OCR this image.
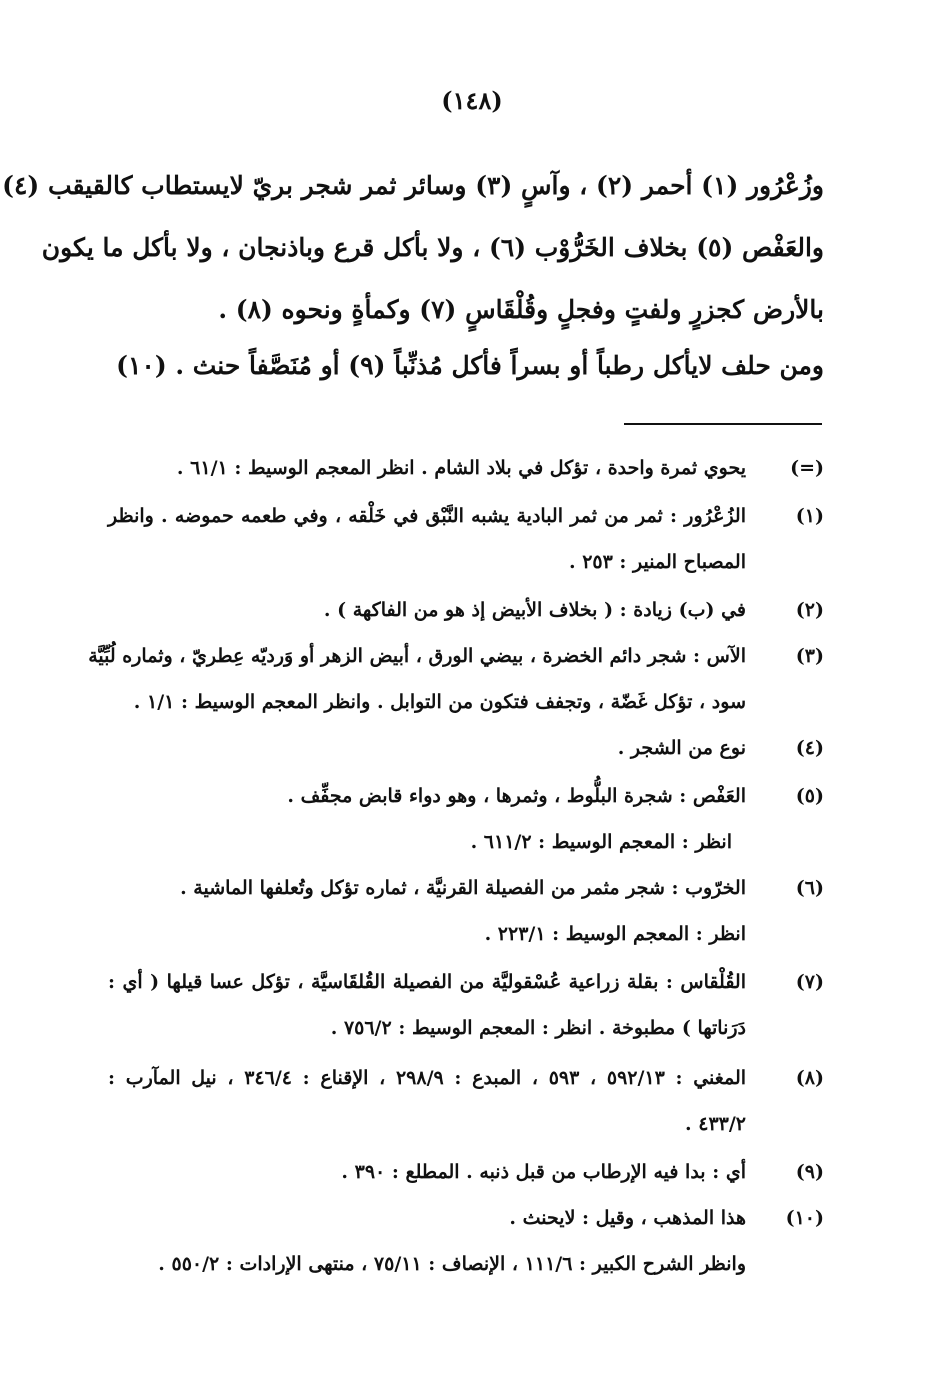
(١٤٨)
وزُعْرُور (١) أحمر (٢) ، وآسٍ (٣) وسائر ثمر شجر بريّ لايستطاب كالقيقب (٤)
والعَفْص (٥) بخلاف الخَرُّوْب (٦) ، ولا بأكل قرع وباذنجان ، ولا بأكل ما يكون
بالأرض كجزرٍ ولفتٍ وفجلٍ وقُلْقَاسٍ (٧) وكمأةٍ ونحوه (٨) .
ومن حلف لايأكل رطباً أو بسراً فأكل مُذنِّباً (٩) أو مُنَصَّفاً حنث . (١٠)
(=)
يحوي ثمرة واحدة ، تؤكل في بلاد الشام . انظر المعجم الوسيط : ٦١/١ .
(١)
الزُعْرُور : ثمر من ثمر البادية يشبه النَّبْق في خَلْقه ، وفي طعمه حموضه . وانظر
المصباح المنير : ٢٥٣ .
(٢)
في (ب) زيادة : ( بخلاف الأبيض إذ هو من الفاكهة ) .
(٣)
الآس : شجر دائم الخضرة ، بيضي الورق ، أبيض الزهر أو وَرديّه عِطريّ ، وثماره لُبِّيَّة
سود ، تؤكل غَضّة ، وتجفف فتكون من التوابل . وانظر المعجم الوسيط : ١/١ .
(٤)
نوع من الشجر .
(٥)
العَفْص : شجرة البلُّوط ، وثمرها ، وهو دواء قابض مجفِّف .
انظر : المعجم الوسيط : ٦١١/٢ .
(٦)
الخرّوب : شجر مثمر من الفصيلة القرنيَّة ، ثماره تؤكل وتُعلفها الماشية .
انظر : المعجم الوسيط : ٢٢٣/١ .
(٧)
القُلْقاس : بقلة زراعية عُسْقوليَّة من الفصيلة القُلقَاسيَّة ، تؤكل عسا قيلها ( أي :
دَرَناتها ) مطبوخة . انظر : المعجم الوسيط : ٧٥٦/٢ .
(٨)
المغني : ٥٩٢/١٣ ، ٥٩٣ ، المبدع : ٢٩٨/٩ ، الإقناع : ٣٤٦/٤ ، نيل المآرب :
٤٣٣/٢ .
(٩)
أي : بدا فيه الإرطاب من قبل ذنبه . المطلع : ٣٩٠ .
(١٠)
هذا المذهب ، وقيل : لايحنث .
وانظر الشرح الكبير : ١١١/٦ ، الإنصاف : ٧٥/١١ ، منتهى الإرادات : ٥٥٠/٢ .
